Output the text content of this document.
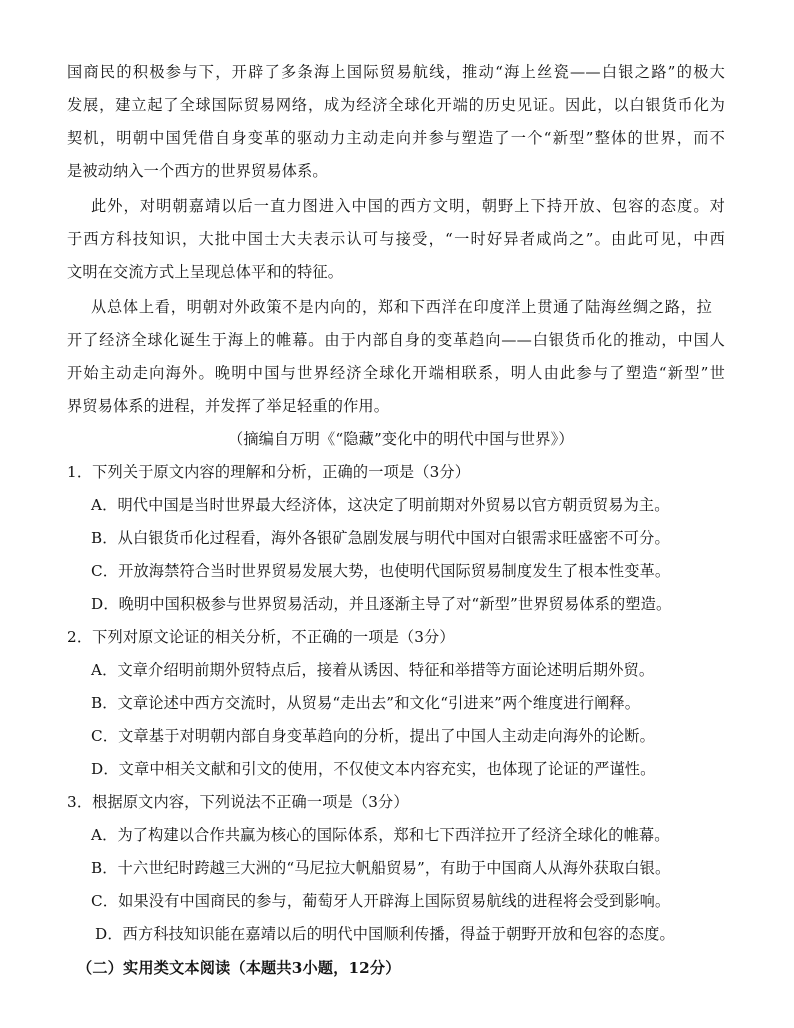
国商民的积极参与下，开辟了多条海上国际贸易航线，推动“海上丝瓷——白银之路”的极大
发展，建立起了全球国际贸易网络，成为经济全球化开端的历史见证。因此，以白银货币化为
契机，明朝中国凭借自身变革的驱动力主动走向并参与塑造了一个“新型”整体的世界，而不
是被动纳入一个西方的世界贸易体系。
此外，对明朝嘉靖以后一直力图进入中国的西方文明，朝野上下持开放、包容的态度。对
于西方科技知识，大批中国士大夫表示认可与接受，“一时好异者咸尚之”。由此可见，中西
文明在交流方式上呈现总体平和的特征。
从总体上看，明朝对外政策不是内向的，郑和下西洋在印度洋上贯通了陆海丝绸之路，拉
开了经济全球化诞生于海上的帷幕。由于内部自身的变革趋向——白银货币化的推动，中国人
开始主动走向海外。晚明中国与世界经济全球化开端相联系，明人由此参与了塑造“新型”世
界贸易体系的进程，并发挥了举足轻重的作用。
（摘编自万明《“隐藏”变化中的明代中国与世界》）
1．下列关于原文内容的理解和分析，正确的一项是（3分）
A．明代中国是当时世界最大经济体，这决定了明前期对外贸易以官方朝贡贸易为主。
B．从白银货币化过程看，海外各银矿急剧发展与明代中国对白银需求旺盛密不可分。
C．开放海禁符合当时世界贸易发展大势，也使明代国际贸易制度发生了根本性变革。
D．晚明中国积极参与世界贸易活动，并且逐渐主导了对“新型”世界贸易体系的塑造。
2．下列对原文论证的相关分析，不正确的一项是（3分）
A．文章介绍明前期外贸特点后，接着从诱因、特征和举措等方面论述明后期外贸。
B．文章论述中西方交流时，从贸易“走出去”和文化“引进来”两个维度进行阐释。
C．文章基于对明朝内部自身变革趋向的分析，提出了中国人主动走向海外的论断。
D．文章中相关文献和引文的使用，不仅使文本内容充实，也体现了论证的严谨性。
3．根据原文内容，下列说法不正确一项是（3分）
A．为了构建以合作共赢为核心的国际体系，郑和七下西洋拉开了经济全球化的帷幕。
B．十六世纪时跨越三大洲的“马尼拉大帆船贸易”，有助于中国商人从海外获取白银。
C．如果没有中国商民的参与，葡萄牙人开辟海上国际贸易航线的进程将会受到影响。
D．西方科技知识能在嘉靖以后的明代中国顺利传播，得益于朝野开放和包容的态度。
（二）实用类文本阅读（本题共3小题，12分）
